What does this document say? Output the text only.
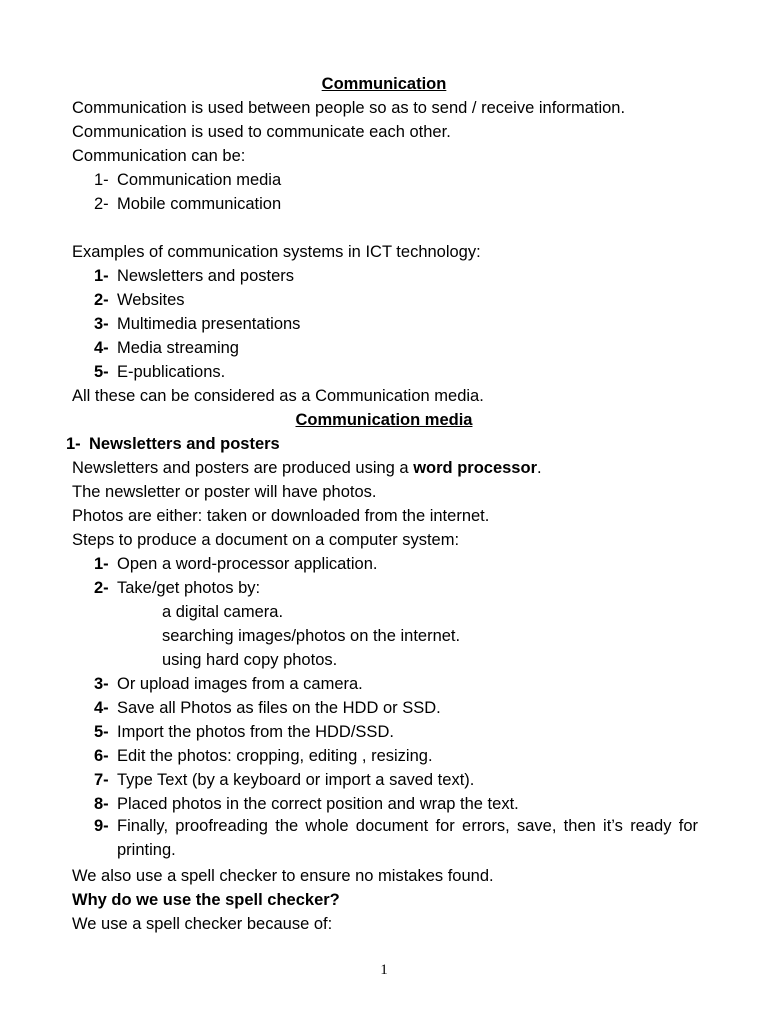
Communication
Communication is used between people so as to send / receive information.
Communication is used to communicate each other.
Communication can be:
1- Communication media
2- Mobile communication
Examples of communication systems in ICT technology:
1- Newsletters and posters
2- Websites
3- Multimedia presentations
4- Media streaming
5- E-publications.
All these can be considered as a Communication media.
Communication media
1- Newsletters and posters
Newsletters and posters are produced using a word processor.
The newsletter or poster will have photos.
Photos are either: taken or downloaded from the internet.
Steps to produce a document on a computer system:
1- Open a word-processor application.
2- Take/get photos by:
a digital camera.
searching images/photos on the internet.
using hard copy photos.
3- Or upload images from a camera.
4- Save all Photos as files on the HDD or SSD.
5- Import the photos from the HDD/SSD.
6- Edit the photos: cropping, editing , resizing.
7- Type Text (by a keyboard or import a saved text).
8- Placed photos in the correct position and wrap the text.
9- Finally, proofreading the whole document for errors, save, then it’s ready for printing.
We also use a spell checker to ensure no mistakes found.
Why do we use the spell checker?
We use a spell checker because of:
1
